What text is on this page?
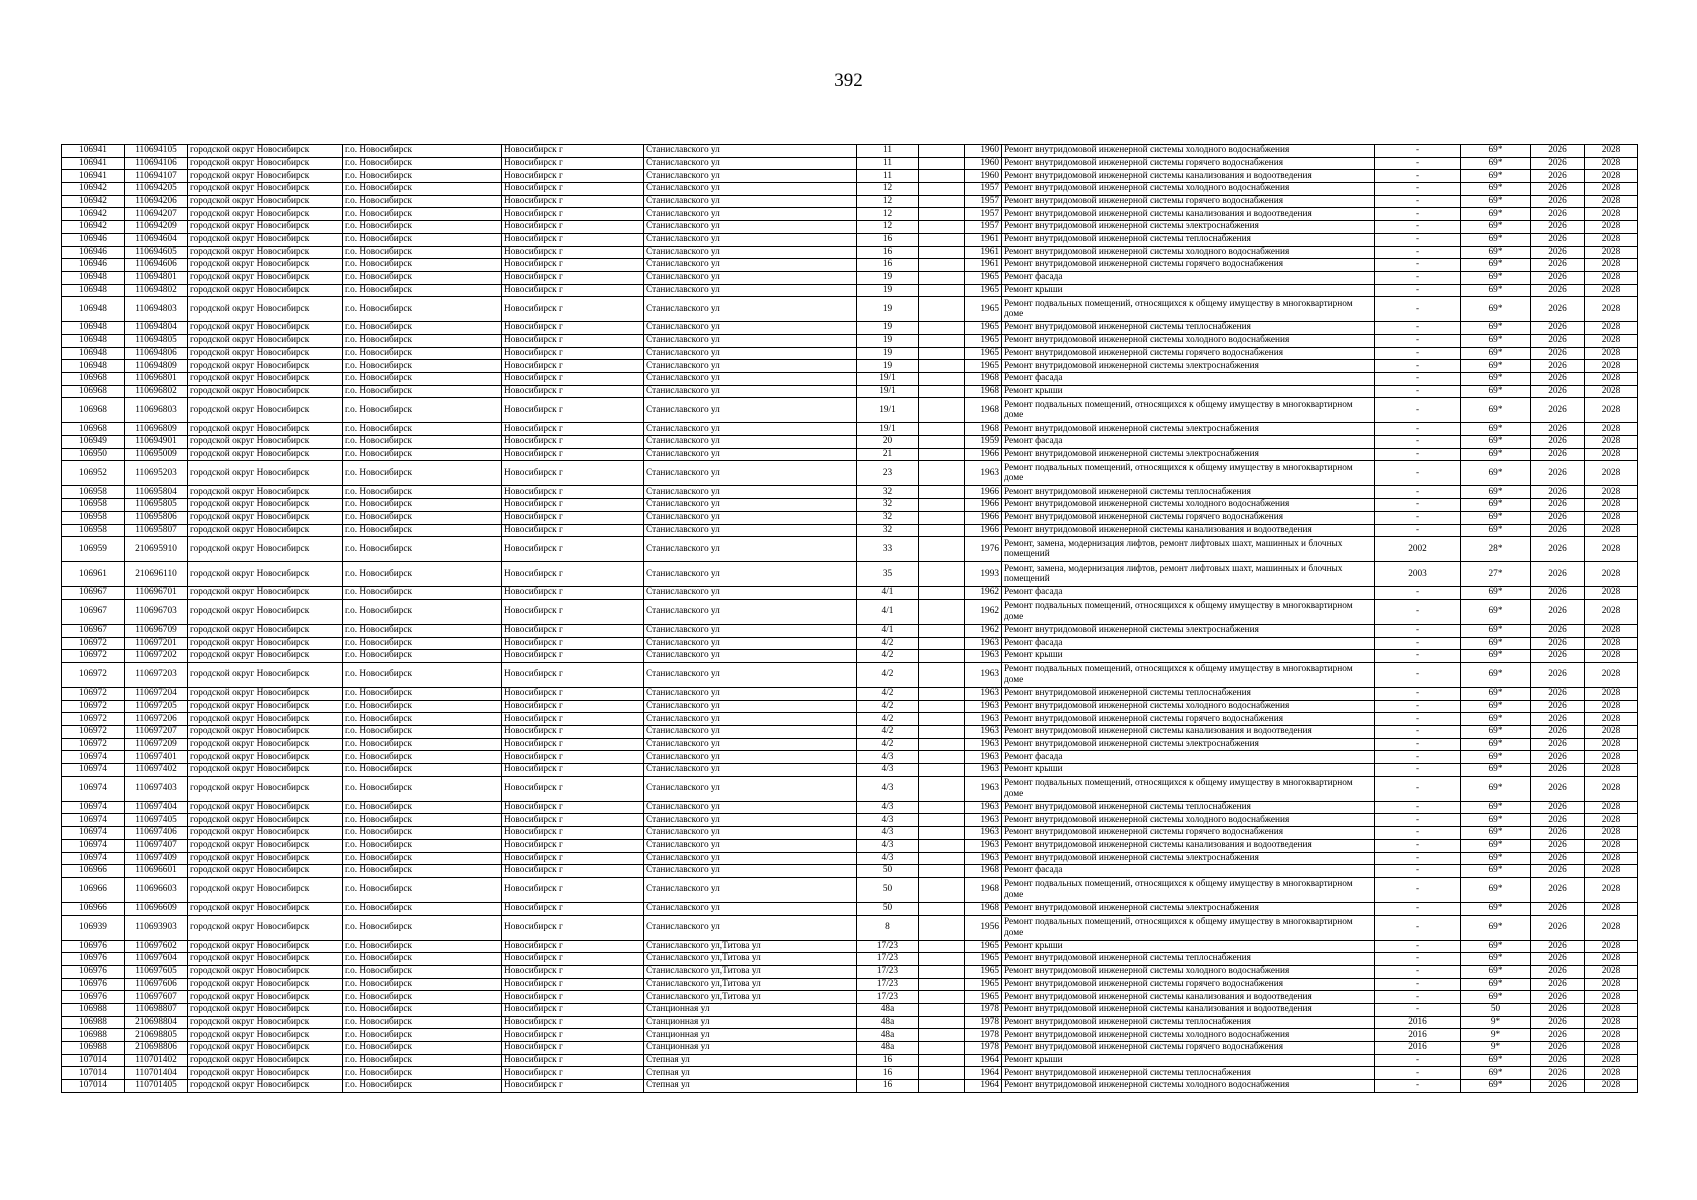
392
106941	110694105	городской округ Новосибирск	г.о. Новосибирск	Новосибирск г	Станиславского ул	11		1960	Ремонт внутридомовой инженерной системы холодного водоснабжения	-	69*	2026	2028
106941	110694106	городской округ Новосибирск	г.о. Новосибирск	Новосибирск г	Станиславского ул	11		1960	Ремонт внутридомовой инженерной системы горячего водоснабжения	-	69*	2026	2028
106941	110694107	городской округ Новосибирск	г.о. Новосибирск	Новосибирск г	Станиславского ул	11		1960	Ремонт внутридомовой инженерной системы канализования и водоотведения	-	69*	2026	2028
106942	110694205	городской округ Новосибирск	г.о. Новосибирск	Новосибирск г	Станиславского ул	12		1957	Ремонт внутридомовой инженерной системы холодного водоснабжения	-	69*	2026	2028
106942	110694206	городской округ Новосибирск	г.о. Новосибирск	Новосибирск г	Станиславского ул	12		1957	Ремонт внутридомовой инженерной системы горячего водоснабжения	-	69*	2026	2028
106942	110694207	городской округ Новосибирск	г.о. Новосибирск	Новосибирск г	Станиславского ул	12		1957	Ремонт внутридомовой инженерной системы канализования и водоотведения	-	69*	2026	2028
106942	110694209	городской округ Новосибирск	г.о. Новосибирск	Новосибирск г	Станиславского ул	12		1957	Ремонт внутридомовой инженерной системы электроснабжения	-	69*	2026	2028
106946	110694604	городской округ Новосибирск	г.о. Новосибирск	Новосибирск г	Станиславского ул	16		1961	Ремонт внутридомовой инженерной системы теплоснабжения	-	69*	2026	2028
106946	110694605	городской округ Новосибирск	г.о. Новосибирск	Новосибирск г	Станиславского ул	16		1961	Ремонт внутридомовой инженерной системы холодного водоснабжения	-	69*	2026	2028
106946	110694606	городской округ Новосибирск	г.о. Новосибирск	Новосибирск г	Станиславского ул	16		1961	Ремонт внутридомовой инженерной системы горячего водоснабжения	-	69*	2026	2028
106948	110694801	городской округ Новосибирск	г.о. Новосибирск	Новосибирск г	Станиславского ул	19		1965	Ремонт фасада	-	69*	2026	2028
106948	110694802	городской округ Новосибирск	г.о. Новосибирск	Новосибирск г	Станиславского ул	19		1965	Ремонт крыши	-	69*	2026	2028
106948	110694803	городской округ Новосибирск	г.о. Новосибирск	Новосибирск г	Станиславского ул	19		1965	Ремонт подвальных помещений, относящихся к общему имуществу в многоквартирном доме	-	69*	2026	2028
106948	110694804	городской округ Новосибирск	г.о. Новосибирск	Новосибирск г	Станиславского ул	19		1965	Ремонт внутридомовой инженерной системы теплоснабжения	-	69*	2026	2028
106948	110694805	городской округ Новосибирск	г.о. Новосибирск	Новосибирск г	Станиславского ул	19		1965	Ремонт внутридомовой инженерной системы холодного водоснабжения	-	69*	2026	2028
106948	110694806	городской округ Новосибирск	г.о. Новосибирск	Новосибирск г	Станиславского ул	19		1965	Ремонт внутридомовой инженерной системы горячего водоснабжения	-	69*	2026	2028
106948	110694809	городской округ Новосибирск	г.о. Новосибирск	Новосибирск г	Станиславского ул	19		1965	Ремонт внутридомовой инженерной системы электроснабжения	-	69*	2026	2028
106968	110696801	городской округ Новосибирск	г.о. Новосибирск	Новосибирск г	Станиславского ул	19/1		1968	Ремонт фасада	-	69*	2026	2028
106968	110696802	городской округ Новосибирск	г.о. Новосибирск	Новосибирск г	Станиславского ул	19/1		1968	Ремонт крыши	-	69*	2026	2028
106968	110696803	городской округ Новосибирск	г.о. Новосибирск	Новосибирск г	Станиславского ул	19/1		1968	Ремонт подвальных помещений, относящихся к общему имуществу в многоквартирном доме	-	69*	2026	2028
106968	110696809	городской округ Новосибирск	г.о. Новосибирск	Новосибирск г	Станиславского ул	19/1		1968	Ремонт внутридомовой инженерной системы электроснабжения	-	69*	2026	2028
106949	110694901	городской округ Новосибирск	г.о. Новосибирск	Новосибирск г	Станиславского ул	20		1959	Ремонт фасада	-	69*	2026	2028
106950	110695009	городской округ Новосибирск	г.о. Новосибирск	Новосибирск г	Станиславского ул	21		1966	Ремонт внутридомовой инженерной системы электроснабжения	-	69*	2026	2028
106952	110695203	городской округ Новосибирск	г.о. Новосибирск	Новосибирск г	Станиславского ул	23		1963	Ремонт подвальных помещений, относящихся к общему имуществу в многоквартирном доме	-	69*	2026	2028
106958	110695804	городской округ Новосибирск	г.о. Новосибирск	Новосибирск г	Станиславского ул	32		1966	Ремонт внутридомовой инженерной системы теплоснабжения	-	69*	2026	2028
106958	110695805	городской округ Новосибирск	г.о. Новосибирск	Новосибирск г	Станиславского ул	32		1966	Ремонт внутридомовой инженерной системы холодного водоснабжения	-	69*	2026	2028
106958	110695806	городской округ Новосибирск	г.о. Новосибирск	Новосибирск г	Станиславского ул	32		1966	Ремонт внутридомовой инженерной системы горячего водоснабжения	-	69*	2026	2028
106958	110695807	городской округ Новосибирск	г.о. Новосибирск	Новосибирск г	Станиславского ул	32		1966	Ремонт внутридомовой инженерной системы канализования и водоотведения	-	69*	2026	2028
106959	210695910	городской округ Новосибирск	г.о. Новосибирск	Новосибирск г	Станиславского ул	33		1976	Ремонт, замена, модернизация лифтов, ремонт лифтовых шахт, машинных и блочных помещений	2002	28*	2026	2028
106961	210696110	городской округ Новосибирск	г.о. Новосибирск	Новосибирск г	Станиславского ул	35		1993	Ремонт, замена, модернизация лифтов, ремонт лифтовых шахт, машинных и блочных помещений	2003	27*	2026	2028
106967	110696701	городской округ Новосибирск	г.о. Новосибирск	Новосибирск г	Станиславского ул	4/1		1962	Ремонт фасада	-	69*	2026	2028
106967	110696703	городской округ Новосибирск	г.о. Новосибирск	Новосибирск г	Станиславского ул	4/1		1962	Ремонт подвальных помещений, относящихся к общему имуществу в многоквартирном доме	-	69*	2026	2028
106967	110696709	городской округ Новосибирск	г.о. Новосибирск	Новосибирск г	Станиславского ул	4/1		1962	Ремонт внутридомовой инженерной системы электроснабжения	-	69*	2026	2028
106972	110697201	городской округ Новосибирск	г.о. Новосибирск	Новосибирск г	Станиславского ул	4/2		1963	Ремонт фасада	-	69*	2026	2028
106972	110697202	городской округ Новосибирск	г.о. Новосибирск	Новосибирск г	Станиславского ул	4/2		1963	Ремонт крыши	-	69*	2026	2028
106972	110697203	городской округ Новосибирск	г.о. Новосибирск	Новосибирск г	Станиславского ул	4/2		1963	Ремонт подвальных помещений, относящихся к общему имуществу в многоквартирном доме	-	69*	2026	2028
106972	110697204	городской округ Новосибирск	г.о. Новосибирск	Новосибирск г	Станиславского ул	4/2		1963	Ремонт внутридомовой инженерной системы теплоснабжения	-	69*	2026	2028
106972	110697205	городской округ Новосибирск	г.о. Новосибирск	Новосибирск г	Станиславского ул	4/2		1963	Ремонт внутридомовой инженерной системы холодного водоснабжения	-	69*	2026	2028
106972	110697206	городской округ Новосибирск	г.о. Новосибирск	Новосибирск г	Станиславского ул	4/2		1963	Ремонт внутридомовой инженерной системы горячего водоснабжения	-	69*	2026	2028
106972	110697207	городской округ Новосибирск	г.о. Новосибирск	Новосибирск г	Станиславского ул	4/2		1963	Ремонт внутридомовой инженерной системы канализования и водоотведения	-	69*	2026	2028
106972	110697209	городской округ Новосибирск	г.о. Новосибирск	Новосибирск г	Станиславского ул	4/2		1963	Ремонт внутридомовой инженерной системы электроснабжения	-	69*	2026	2028
106974	110697401	городской округ Новосибирск	г.о. Новосибирск	Новосибирск г	Станиславского ул	4/3		1963	Ремонт фасада	-	69*	2026	2028
106974	110697402	городской округ Новосибирск	г.о. Новосибирск	Новосибирск г	Станиславского ул	4/3		1963	Ремонт крыши	-	69*	2026	2028
106974	110697403	городской округ Новосибирск	г.о. Новосибирск	Новосибирск г	Станиславского ул	4/3		1963	Ремонт подвальных помещений, относящихся к общему имуществу в многоквартирном доме	-	69*	2026	2028
106974	110697404	городской округ Новосибирск	г.о. Новосибирск	Новосибирск г	Станиславского ул	4/3		1963	Ремонт внутридомовой инженерной системы теплоснабжения	-	69*	2026	2028
106974	110697405	городской округ Новосибирск	г.о. Новосибирск	Новосибирск г	Станиславского ул	4/3		1963	Ремонт внутридомовой инженерной системы холодного водоснабжения	-	69*	2026	2028
106974	110697406	городской округ Новосибирск	г.о. Новосибирск	Новосибирск г	Станиславского ул	4/3		1963	Ремонт внутридомовой инженерной системы горячего водоснабжения	-	69*	2026	2028
106974	110697407	городской округ Новосибирск	г.о. Новосибирск	Новосибирск г	Станиславского ул	4/3		1963	Ремонт внутридомовой инженерной системы канализования и водоотведения	-	69*	2026	2028
106974	110697409	городской округ Новосибирск	г.о. Новосибирск	Новосибирск г	Станиславского ул	4/3		1963	Ремонт внутридомовой инженерной системы электроснабжения	-	69*	2026	2028
106966	110696601	городской округ Новосибирск	г.о. Новосибирск	Новосибирск г	Станиславского ул	50		1968	Ремонт фасада	-	69*	2026	2028
106966	110696603	городской округ Новосибирск	г.о. Новосибирск	Новосибирск г	Станиславского ул	50		1968	Ремонт подвальных помещений, относящихся к общему имуществу в многоквартирном доме	-	69*	2026	2028
106966	110696609	городской округ Новосибирск	г.о. Новосибирск	Новосибирск г	Станиславского ул	50		1968	Ремонт внутридомовой инженерной системы электроснабжения	-	69*	2026	2028
106939	110693903	городской округ Новосибирск	г.о. Новосибирск	Новосибирск г	Станиславского ул	8		1956	Ремонт подвальных помещений, относящихся к общему имуществу в многоквартирном доме	-	69*	2026	2028
106976	110697602	городской округ Новосибирск	г.о. Новосибирск	Новосибирск г	Станиславского ул,Титова ул	17/23		1965	Ремонт крыши	-	69*	2026	2028
106976	110697604	городской округ Новосибирск	г.о. Новосибирск	Новосибирск г	Станиславского ул,Титова ул	17/23		1965	Ремонт внутридомовой инженерной системы теплоснабжения	-	69*	2026	2028
106976	110697605	городской округ Новосибирск	г.о. Новосибирск	Новосибирск г	Станиславского ул,Титова ул	17/23		1965	Ремонт внутридомовой инженерной системы холодного водоснабжения	-	69*	2026	2028
106976	110697606	городской округ Новосибирск	г.о. Новосибирск	Новосибирск г	Станиславского ул,Титова ул	17/23		1965	Ремонт внутридомовой инженерной системы горячего водоснабжения	-	69*	2026	2028
106976	110697607	городской округ Новосибирск	г.о. Новосибирск	Новосибирск г	Станиславского ул,Титова ул	17/23		1965	Ремонт внутридомовой инженерной системы канализования и водоотведения	-	69*	2026	2028
106988	110698807	городской округ Новосибирск	г.о. Новосибирск	Новосибирск г	Станционная ул	48а		1978	Ремонт внутридомовой инженерной системы канализования и водоотведения	-	50	2026	2028
106988	210698804	городской округ Новосибирск	г.о. Новосибирск	Новосибирск г	Станционная ул	48а		1978	Ремонт внутридомовой инженерной системы теплоснабжения	2016	9*	2026	2028
106988	210698805	городской округ Новосибирск	г.о. Новосибирск	Новосибирск г	Станционная ул	48а		1978	Ремонт внутридомовой инженерной системы холодного водоснабжения	2016	9*	2026	2028
106988	210698806	городской округ Новосибирск	г.о. Новосибирск	Новосибирск г	Станционная ул	48а		1978	Ремонт внутридомовой инженерной системы горячего водоснабжения	2016	9*	2026	2028
107014	110701402	городской округ Новосибирск	г.о. Новосибирск	Новосибирск г	Степная ул	16		1964	Ремонт крыши	-	69*	2026	2028
107014	110701404	городской округ Новосибирск	г.о. Новосибирск	Новосибирск г	Степная ул	16		1964	Ремонт внутридомовой инженерной системы теплоснабжения	-	69*	2026	2028
107014	110701405	городской округ Новосибирск	г.о. Новосибирск	Новосибирск г	Степная ул	16		1964	Ремонт внутридомовой инженерной системы холодного водоснабжения	-	69*	2026	2028
